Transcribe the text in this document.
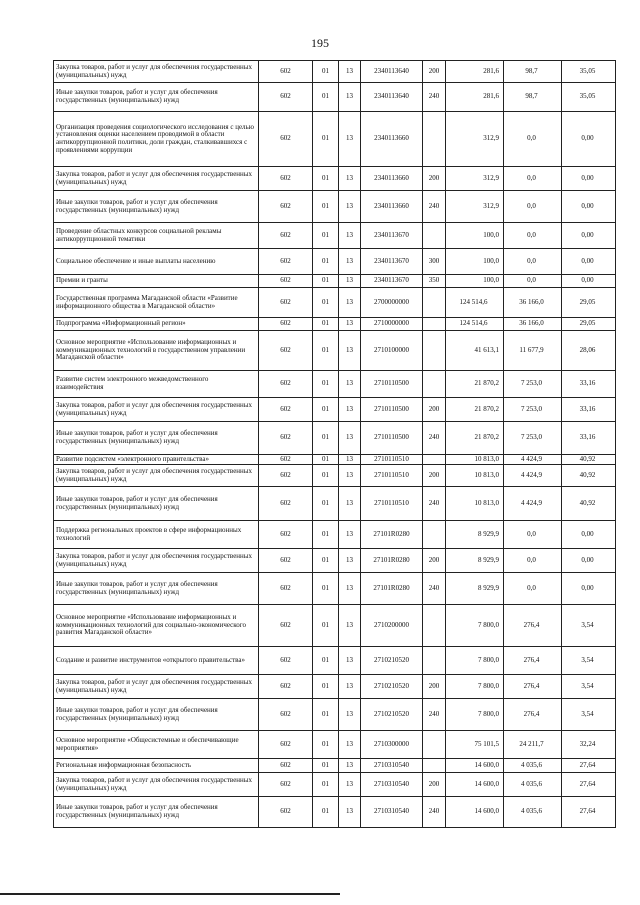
195
Закупка товаров, работ и услуг для обеспечения государственных (муниципальных) нужд	602	01	13	2340113640	200	281,6	98,7	35,05
Иные закупки товаров, работ и услуг для обеспечения государственных (муниципальных) нужд	602	01	13	2340113640	240	281,6	98,7	35,05
Организация проведения социологического исследования с целью установления оценки населением проводимой в области антикоррупционной политики, доли граждан, сталкивавшихся с проявлениями коррупции	602	01	13	2340113660		312,9	0,0	0,00
Закупка товаров, работ и услуг для обеспечения государственных (муниципальных) нужд	602	01	13	2340113660	200	312,9	0,0	0,00
Иные закупки товаров, работ и услуг для обеспечения государственных (муниципальных) нужд	602	01	13	2340113660	240	312,9	0,0	0,00
Проведение областных конкурсов социальной рекламы антикоррупционной тематики	602	01	13	2340113670		100,0	0,0	0,00
Социальное обеспечение и иные выплаты населению	602	01	13	2340113670	300	100,0	0,0	0,00
Премии и гранты	602	01	13	2340113670	350	100,0	0,0	0,00
Государственная программа Магаданской области «Развитие информационного общества в Магаданской области»	602	01	13	2700000000		124 514,6	36 166,0	29,05
Подпрограмма «Информационный регион»	602	01	13	2710000000		124 514,6	36 166,0	29,05
Основное мероприятие «Использование информационных и коммуникационных технологий в государственном управлении Магаданской области»	602	01	13	2710100000		41 613,1	11 677,9	28,06
Развитие систем электронного межведомственного взаимодействия	602	01	13	2710110500		21 870,2	7 253,0	33,16
Закупка товаров, работ и услуг для обеспечения государственных (муниципальных) нужд	602	01	13	2710110500	200	21 870,2	7 253,0	33,16
Иные закупки товаров, работ и услуг для обеспечения государственных (муниципальных) нужд	602	01	13	2710110500	240	21 870,2	7 253,0	33,16
Развитие подсистем «электронного правительства»	602	01	13	2710110510		10 813,0	4 424,9	40,92
Закупка товаров, работ и услуг для обеспечения государственных (муниципальных) нужд	602	01	13	2710110510	200	10 813,0	4 424,9	40,92
Иные закупки товаров, работ и услуг для обеспечения государственных (муниципальных) нужд	602	01	13	2710110510	240	10 813,0	4 424,9	40,92
Поддержка региональных проектов в сфере информационных технологий	602	01	13	27101R0280		8 929,9	0,0	0,00
Закупка товаров, работ и услуг для обеспечения государственных (муниципальных) нужд	602	01	13	27101R0280	200	8 929,9	0,0	0,00
Иные закупки товаров, работ и услуг для обеспечения государственных (муниципальных) нужд	602	01	13	27101R0280	240	8 929,9	0,0	0,00
Основное мероприятие «Использование информационных и коммуникационных технологий для социально-экономического развития Магаданской области»	602	01	13	2710200000		7 800,0	276,4	3,54
Создание и развитие инструментов «открытого правительства»	602	01	13	2710210520		7 800,0	276,4	3,54
Закупка товаров, работ и услуг для обеспечения государственных (муниципальных) нужд	602	01	13	2710210520	200	7 800,0	276,4	3,54
Иные закупки товаров, работ и услуг для обеспечения государственных (муниципальных) нужд	602	01	13	2710210520	240	7 800,0	276,4	3,54
Основное мероприятие «Общесистемные и обеспечивающие мероприятия»	602	01	13	2710300000		75 101,5	24 211,7	32,24
Региональная информационная безопасность	602	01	13	2710310540		14 600,0	4 035,6	27,64
Закупка товаров, работ и услуг для обеспечения государственных (муниципальных) нужд	602	01	13	2710310540	200	14 600,0	4 035,6	27,64
Иные закупки товаров, работ и услуг для обеспечения государственных (муниципальных) нужд	602	01	13	2710310540	240	14 600,0	4 035,6	27,64
